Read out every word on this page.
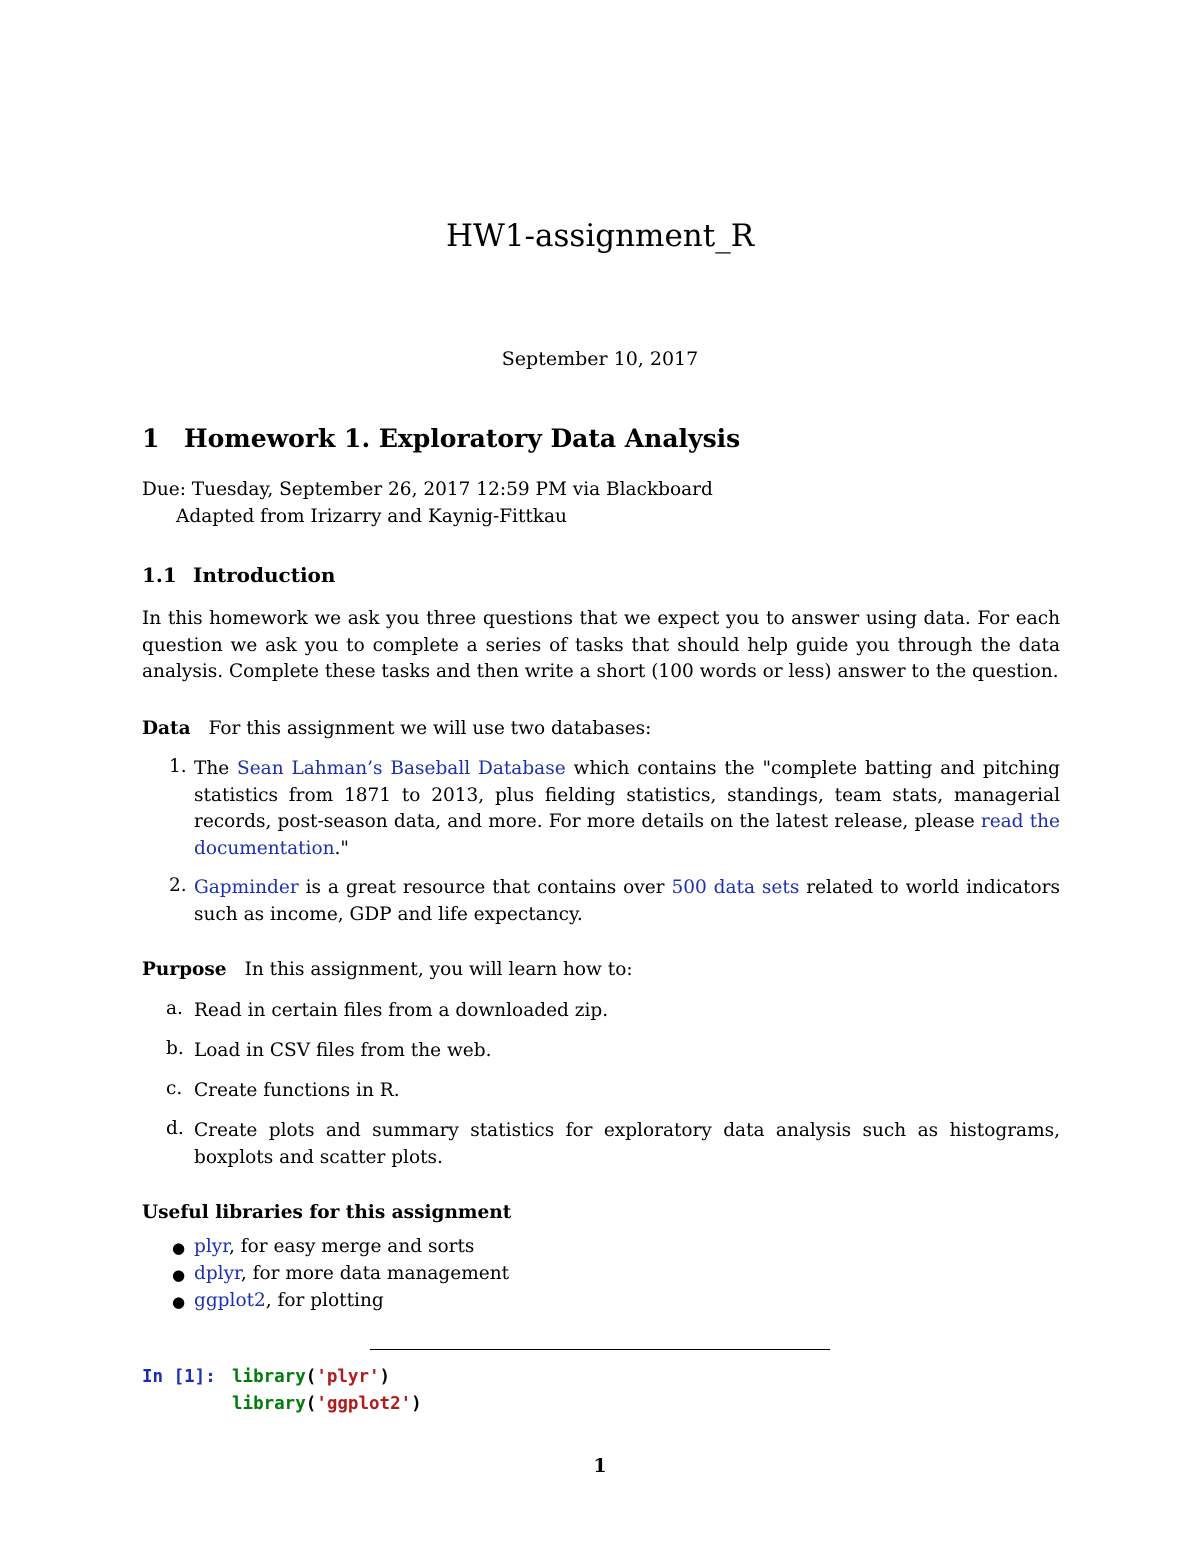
HW1-assignment_R
September 10, 2017
1 Homework 1. Exploratory Data Analysis
Due: Tuesday, September 26, 2017 12:59 PM via Blackboard
Adapted from Irizarry and Kaynig-Fittkau
1.1 Introduction
In this homework we ask you three questions that we expect you to answer using data. For each question we ask you to complete a series of tasks that should help guide you through the data analysis. Complete these tasks and then write a short (100 words or less) answer to the question.
Data For this assignment we will use two databases:
1. The Sean Lahman’s Baseball Database which contains the "complete batting and pitching statistics from 1871 to 2013, plus fielding statistics, standings, team stats, managerial records, post-season data, and more. For more details on the latest release, please read the documentation."
2. Gapminder is a great resource that contains over 500 data sets related to world indicators such as income, GDP and life expectancy.
Purpose In this assignment, you will learn how to:
a. Read in certain files from a downloaded zip.
b. Load in CSV files from the web.
c. Create functions in R.
d. Create plots and summary statistics for exploratory data analysis such as histograms, boxplots and scatter plots.
Useful libraries for this assignment
● plyr, for easy merge and sorts
● dplyr, for more data management
● ggplot2, for plotting
In [1]: library('plyr')
library('ggplot2')
1
